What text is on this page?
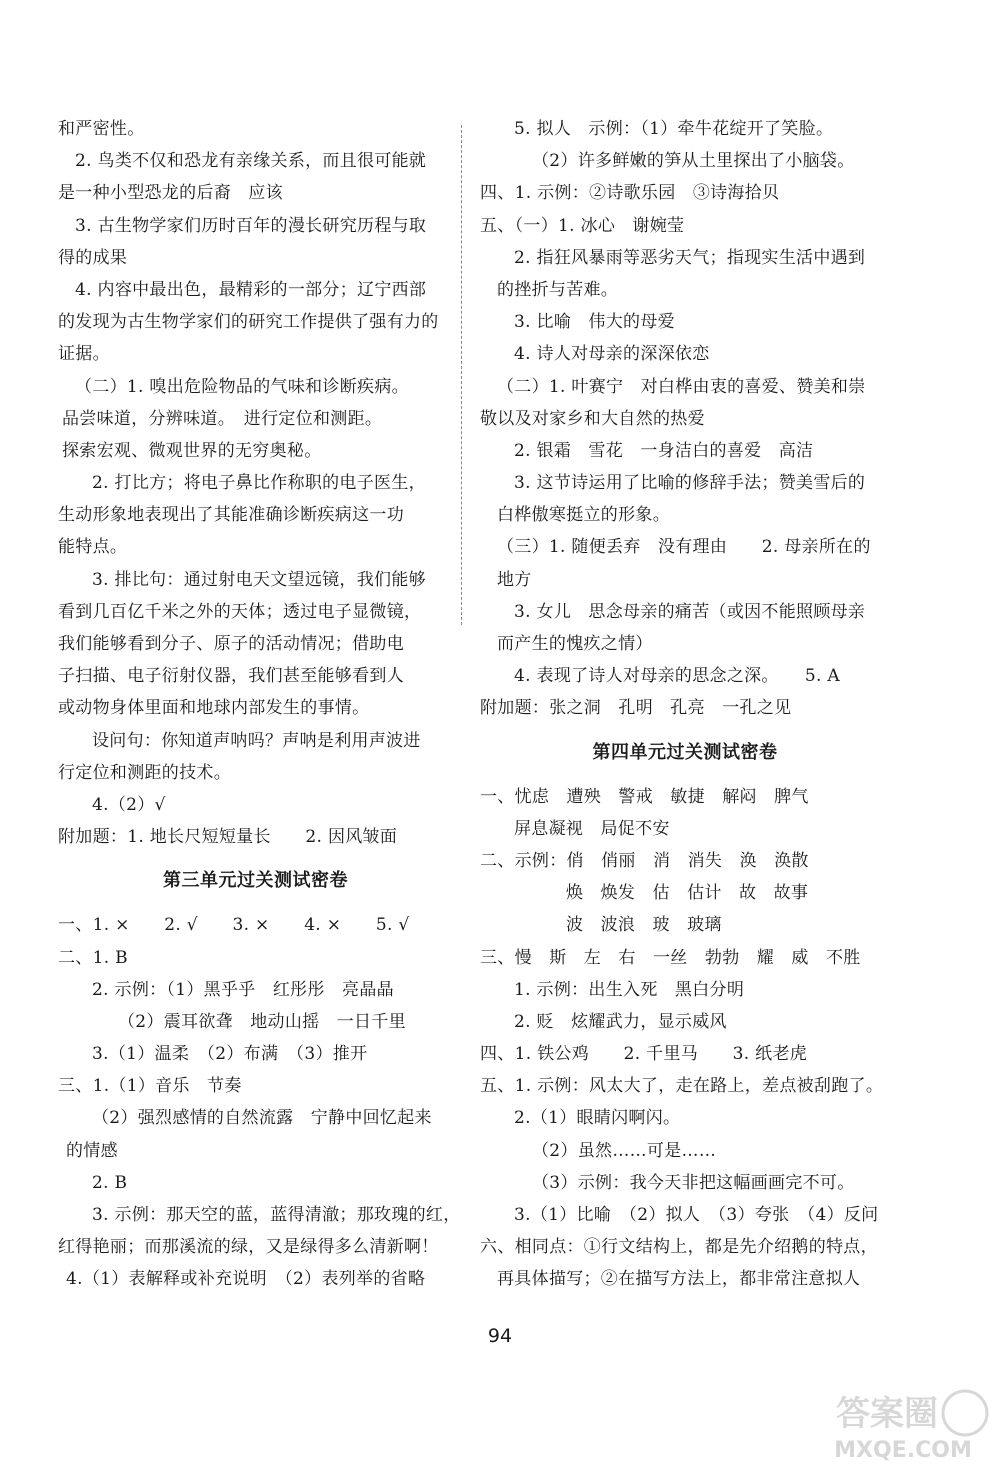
和严密性。
2. 鸟类不仅和恐龙有亲缘关系，而且很可能就
是一种小型恐龙的后裔　应该
3. 古生物学家们历时百年的漫长研究历程与取
得的成果
4. 内容中最出色，最精彩的一部分；辽宁西部
的发现为古生物学家们的研究工作提供了强有力的
证据。
（二）1. 嗅出危险物品的气味和诊断疾病。
品尝味道，分辨味道。　进行定位和测距。
探索宏观、微观世界的无穷奥秘。
2. 打比方；将电子鼻比作称职的电子医生，
生动形象地表现出了其能准确诊断疾病这一功
能特点。
3. 排比句：通过射电天文望远镜，我们能够
看到几百亿千米之外的天体；透过电子显微镜，
我们能够看到分子、原子的活动情况；借助电
子扫描、电子衍射仪器，我们甚至能够看到人
或动物身体里面和地球内部发生的事情。
设问句：你知道声呐吗？声呐是利用声波进
行定位和测距的技术。
4.（2）√
附加题：1. 地长尺短短量长　　2. 因风皱面
第三单元过关测试密卷
一、1. ×　　2. √　　3. ×　　4. ×　　5. √
二、1. B
2. 示例：（1）黑乎乎　红彤彤　亮晶晶
（2）震耳欲聋　地动山摇　一日千里
3.（1）温柔　（2）布满　（3）推开
三、1.（1）音乐　节奏
（2）强烈感情的自然流露　宁静中回忆起来
的情感
2. B
3. 示例：那天空的蓝，蓝得清澈；那玫瑰的红，
红得艳丽；而那溪流的绿，又是绿得多么清新啊！
4.（1）表解释或补充说明　（2）表列举的省略
5. 拟人　示例：（1）牵牛花绽开了笑脸。
（2）许多鲜嫩的笋从土里探出了小脑袋。
四、1. 示例：②诗歌乐园　③诗海拾贝
五、（一）1. 冰心　谢婉莹
2. 指狂风暴雨等恶劣天气；指现实生活中遇到
的挫折与苦难。
3. 比喻　伟大的母爱
4. 诗人对母亲的深深依恋
（二）1. 叶赛宁　对白桦由衷的喜爱、赞美和崇
敬以及对家乡和大自然的热爱
2. 银霜　雪花　一身洁白的喜爱　高洁
3. 这节诗运用了比喻的修辞手法；赞美雪后的
白桦傲寒挺立的形象。
（三）1. 随便丢弃　没有理由　　2. 母亲所在的
地方
3. 女儿　思念母亲的痛苦（或因不能照顾母亲
而产生的愧疚之情）
4. 表现了诗人对母亲的思念之深。　　5. A
附加题：张之洞　孔明　孔亮　一孔之见
第四单元过关测试密卷
一、忧虑　遭殃　警戒　敏捷　解闷　脾气
屏息凝视　局促不安
二、示例：俏　俏丽　消　消失　涣　涣散
焕　焕发　估　估计　故　故事
波　波浪　玻　玻璃
三、慢　斯　左　右　一丝　勃勃　耀　威　不胜
1. 示例：出生入死　黑白分明
2. 贬　炫耀武力，显示威风
四、1. 铁公鸡　　2. 千里马　　3. 纸老虎
五、1. 示例：风太大了，走在路上，差点被刮跑了。
2.（1）眼睛闪啊闪。
（2）虽然……可是……
（3）示例：我今天非把这幅画画完不可。
3.（1）比喻　（2）拟人　（3）夸张　（4）反问
六、相同点：①行文结构上，都是先介绍鹅的特点，
再具体描写；②在描写方法上，都非常注意拟人
94
答案圈
MXQE.COM
